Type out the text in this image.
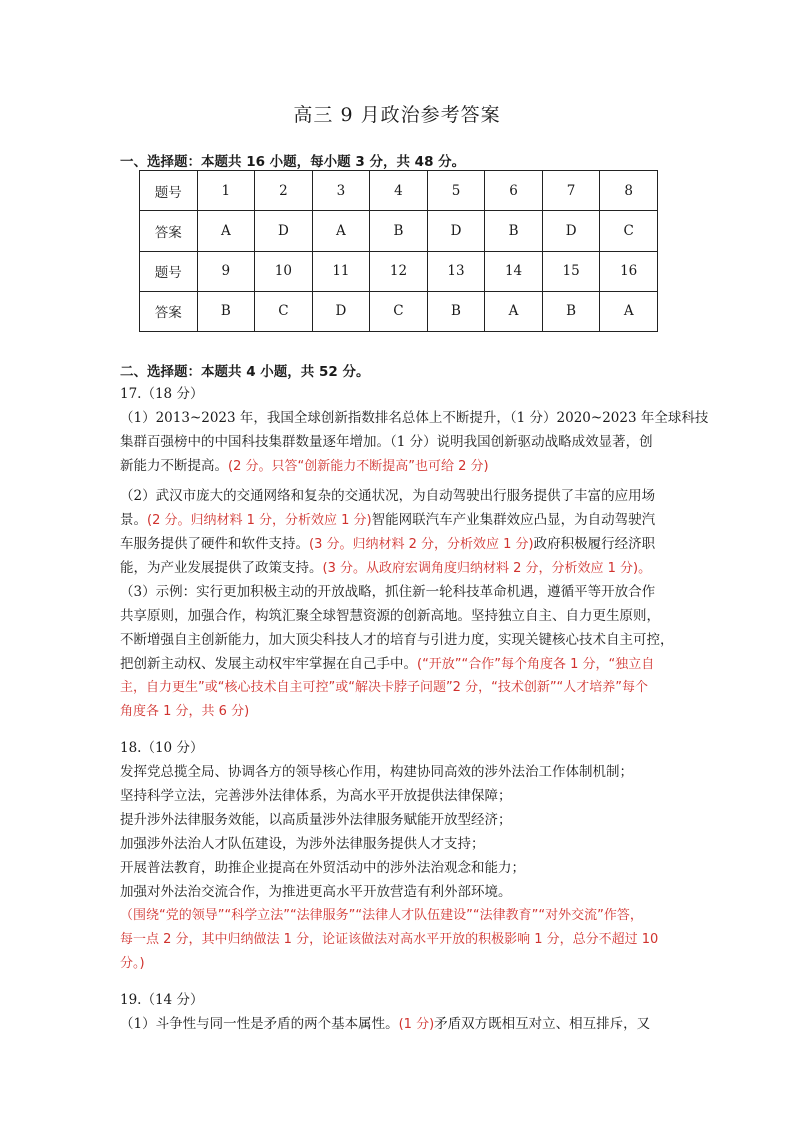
高三 9 月政治参考答案
一、选择题：本题共 16 小题，每小题 3 分，共 48 分。
题号	1	2	3	4	5	6	7	8
答案	A	D	A	B	D	B	D	C
题号	9	10	11	12	13	14	15	16
答案	B	C	D	C	B	A	B	A
二、选择题：本题共 4 小题，共 52 分。
17.（18 分）
（1）2013~2023 年，我国全球创新指数排名总体上不断提升，（1 分）2020~2023 年全球科技
集群百强榜中的中国科技集群数量逐年增加。（1 分）说明我国创新驱动战略成效显著，创
新能力不断提高。(2 分。只答“创新能力不断提高”也可给 2 分)
（2）武汉市庞大的交通网络和复杂的交通状况，为自动驾驶出行服务提供了丰富的应用场
景。(2 分。归纳材料 1 分，分析效应 1 分)智能网联汽车产业集群效应凸显，为自动驾驶汽
车服务提供了硬件和软件支持。(3 分。归纳材料 2 分，分析效应 1 分)政府积极履行经济职
能，为产业发展提供了政策支持。(3 分。从政府宏调角度归纳材料 2 分，分析效应 1 分)。
（3）示例：实行更加积极主动的开放战略，抓住新一轮科技革命机遇，遵循平等开放合作
共享原则，加强合作，构筑汇聚全球智慧资源的创新高地。坚持独立自主、自力更生原则，
不断增强自主创新能力，加大顶尖科技人才的培育与引进力度，实现关键核心技术自主可控，
把创新主动权、发展主动权牢牢掌握在自己手中。(“开放”“合作”每个角度各 1 分，“独立自
主，自力更生”或“核心技术自主可控”或“解决卡脖子问题”2 分，“技术创新”“人才培养”每个
角度各 1 分，共 6 分)
18.（10 分）
发挥党总揽全局、协调各方的领导核心作用，构建协同高效的涉外法治工作体制机制；
坚持科学立法，完善涉外法律体系，为高水平开放提供法律保障；
提升涉外法律服务效能，以高质量涉外法律服务赋能开放型经济；
加强涉外法治人才队伍建设，为涉外法律服务提供人才支持；
开展普法教育，助推企业提高在外贸活动中的涉外法治观念和能力；
加强对外法治交流合作，为推进更高水平开放营造有利外部环境。
（围绕“党的领导”“科学立法”“法律服务”“法律人才队伍建设”“法律教育”“对外交流”作答，
每一点 2 分，其中归纳做法 1 分，论证该做法对高水平开放的积极影响 1 分，总分不超过 10
分。)
19.（14 分）
（1）斗争性与同一性是矛盾的两个基本属性。(1 分)矛盾双方既相互对立、相互排斥，又
